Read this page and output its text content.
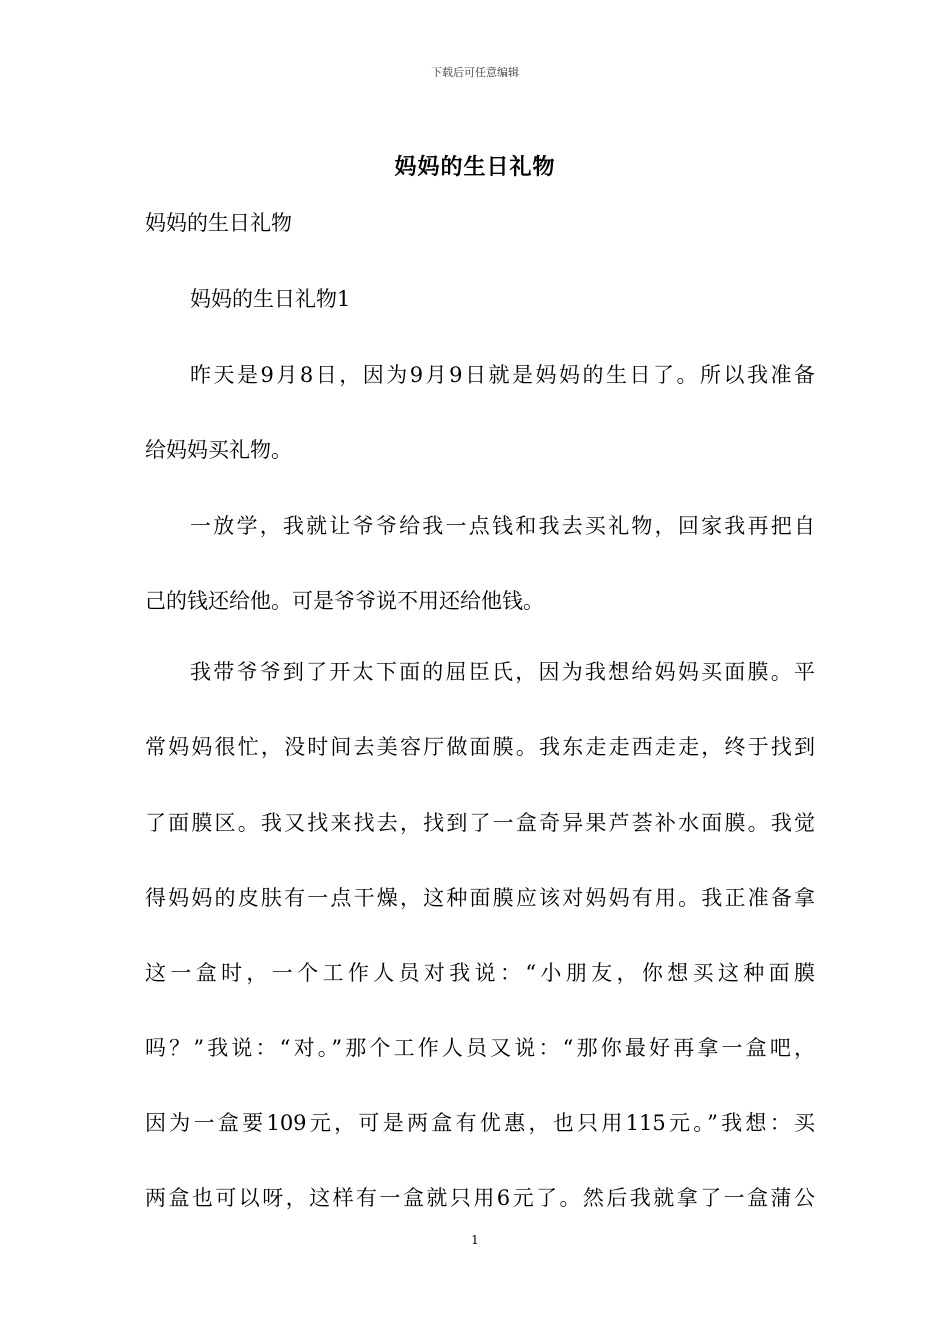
下载后可任意编辑
妈妈的生日礼物
妈妈的生日礼物
妈妈的生日礼物1
昨天是9月8日，因为9月9日就是妈妈的生日了。所以我准备
给妈妈买礼物。
一放学，我就让爷爷给我一点钱和我去买礼物，回家我再把自
己的钱还给他。可是爷爷说不用还给他钱。
我带爷爷到了开太下面的屈臣氏，因为我想给妈妈买面膜。平
常妈妈很忙，没时间去美容厅做面膜。我东走走西走走，终于找到
了面膜区。我又找来找去，找到了一盒奇异果芦荟补水面膜。我觉
得妈妈的皮肤有一点干燥，这种面膜应该对妈妈有用。我正准备拿
这一盒时，一个工作人员对我说：“小朋友，你想买这种面膜
吗？”我说：“对。”那个工作人员又说：“那你最好再拿一盒吧，
因为一盒要109元，可是两盒有优惠，也只用115元。”我想：买
两盒也可以呀，这样有一盒就只用6元了。然后我就拿了一盒蒲公
1
